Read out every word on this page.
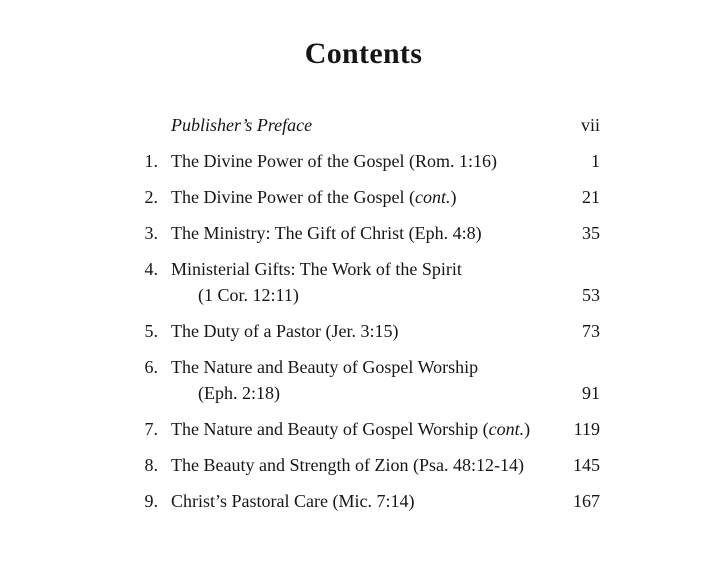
Contents
Publisher’s Preface	vii
1. The Divine Power of the Gospel (Rom. 1:16)	1
2. The Divine Power of the Gospel (cont.)	21
3. The Ministry: The Gift of Christ (Eph. 4:8)	35
4. Ministerial Gifts: The Work of the Spirit
(1 Cor. 12:11)	53
5. The Duty of a Pastor (Jer. 3:15)	73
6. The Nature and Beauty of Gospel Worship
(Eph. 2:18)	91
7. The Nature and Beauty of Gospel Worship (cont.)	119
8. The Beauty and Strength of Zion (Psa. 48:12-14)	145
9. Christ’s Pastoral Care (Mic. 7:14)	167
